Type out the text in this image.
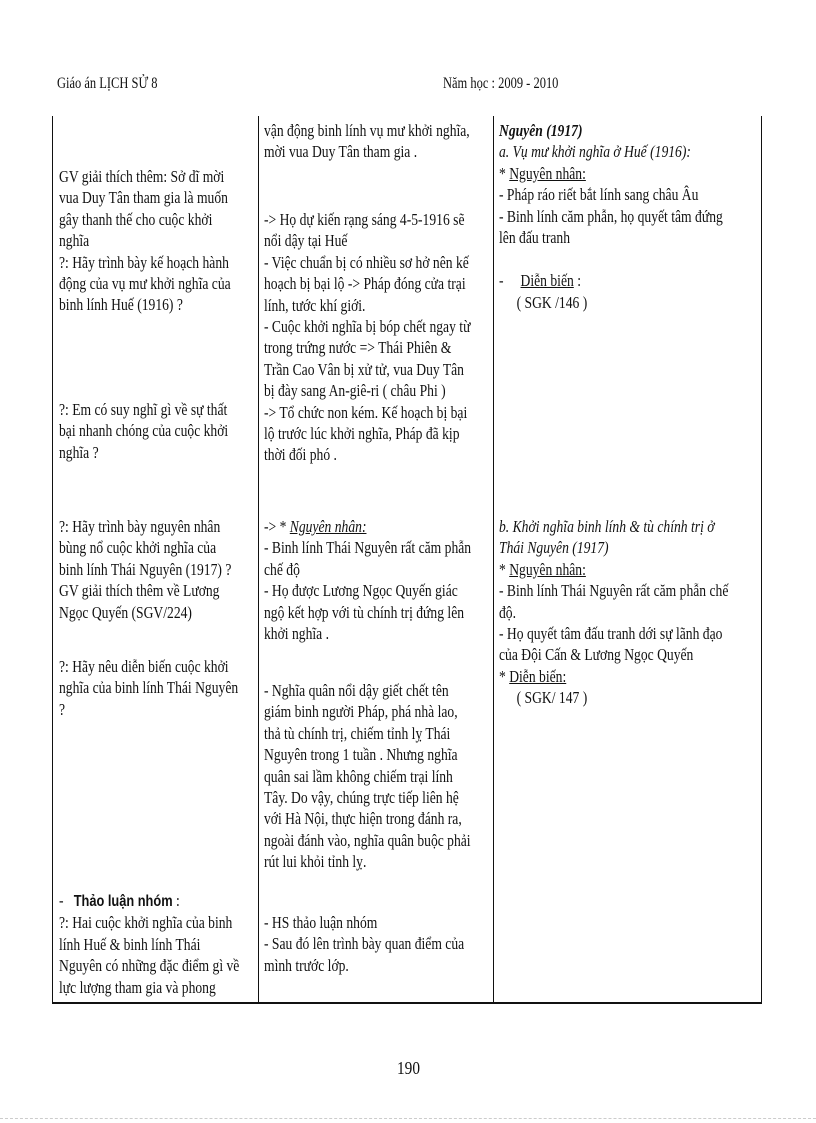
Giáo án LỊCH SỬ 8	Năm học : 2009 - 2010
GV giải thích thêm: Sở dĩ mời
vua Duy Tân tham gia là muốn
gây thanh thế cho cuộc khởi
nghĩa
?: Hãy trình bày kế hoạch hành
động của vụ mư khởi nghĩa của
binh lính Huế (1916) ?
?: Em có suy nghĩ gì về sự thất
bại nhanh chóng của cuộc khởi
nghĩa ?
?: Hãy trình bày nguyên nhân
bùng nổ cuộc khởi nghĩa của
binh lính Thái Nguyên (1917) ?
GV giải thích thêm về Lương
Ngọc Quyến (SGV/224)
?: Hãy nêu diễn biến cuộc khởi
nghĩa của binh lính Thái Nguyên
?
-   Thảo luận nhóm :
?: Hai cuộc khởi nghĩa của binh
lính Huế & binh lính Thái
Nguyên có những đặc điểm gì về
lực lượng tham gia và phong
vận động binh lính vụ mư khởi nghĩa,
mời vua Duy Tân tham gia .
-> Họ dự kiến rạng sáng 4-5-1916 sẽ
nổi dậy tại Huế
- Việc chuẩn bị có nhiều sơ hở nên kế
hoạch bị bại lộ -> Pháp đóng cửa trại
lính, tước khí giới.
- Cuộc khởi nghĩa bị bóp chết ngay từ
trong trứng nước => Thái Phiên &
Trần Cao Vân bị xử tử, vua Duy Tân
bị đày sang An-giê-ri ( châu Phi )
-> Tổ chức non kém. Kế hoạch bị bại
lộ trước lúc khởi nghĩa, Pháp đã kịp
thời đối phó .
-> * Nguyên nhân:
- Binh lính Thái Nguyên rất căm phẫn
chế độ
- Họ được Lương Ngọc Quyến giác
ngộ kết hợp với tù chính trị đứng lên
khởi nghĩa .
- Nghĩa quân nổi dậy giết chết tên
giám binh người Pháp, phá nhà lao,
thả tù chính trị, chiếm tỉnh lỵ Thái
Nguyên trong 1 tuần . Nhưng nghĩa
quân sai lầm không chiếm trại lính
Tây. Do vậy, chúng trực tiếp liên hệ
với Hà Nội, thực hiện trong đánh ra,
ngoài đánh vào, nghĩa quân buộc phải
rút lui khỏi tỉnh lỵ.
- HS thảo luận nhóm
- Sau đó lên trình bày quan điểm của
mình trước lớp.
Nguyên (1917)
a. Vụ mư khởi nghĩa ở Huế (1916):
* Nguyên nhân:
- Pháp ráo riết bắt lính sang châu Âu
- Binh lính căm phẫn, họ quyết tâm đứng
lên đấu tranh
-     Diễn biến :
( SGK /146 )
b. Khởi nghĩa binh lính & tù chính trị ở
Thái Nguyên (1917)
* Nguyên nhân:
- Binh lính Thái Nguyên rất căm phẫn chế
độ.
- Họ quyết tâm đấu tranh dới sự lãnh đạo
của Đội Cấn & Lương Ngọc Quyến
* Diễn biến:
( SGK/ 147 )
190
